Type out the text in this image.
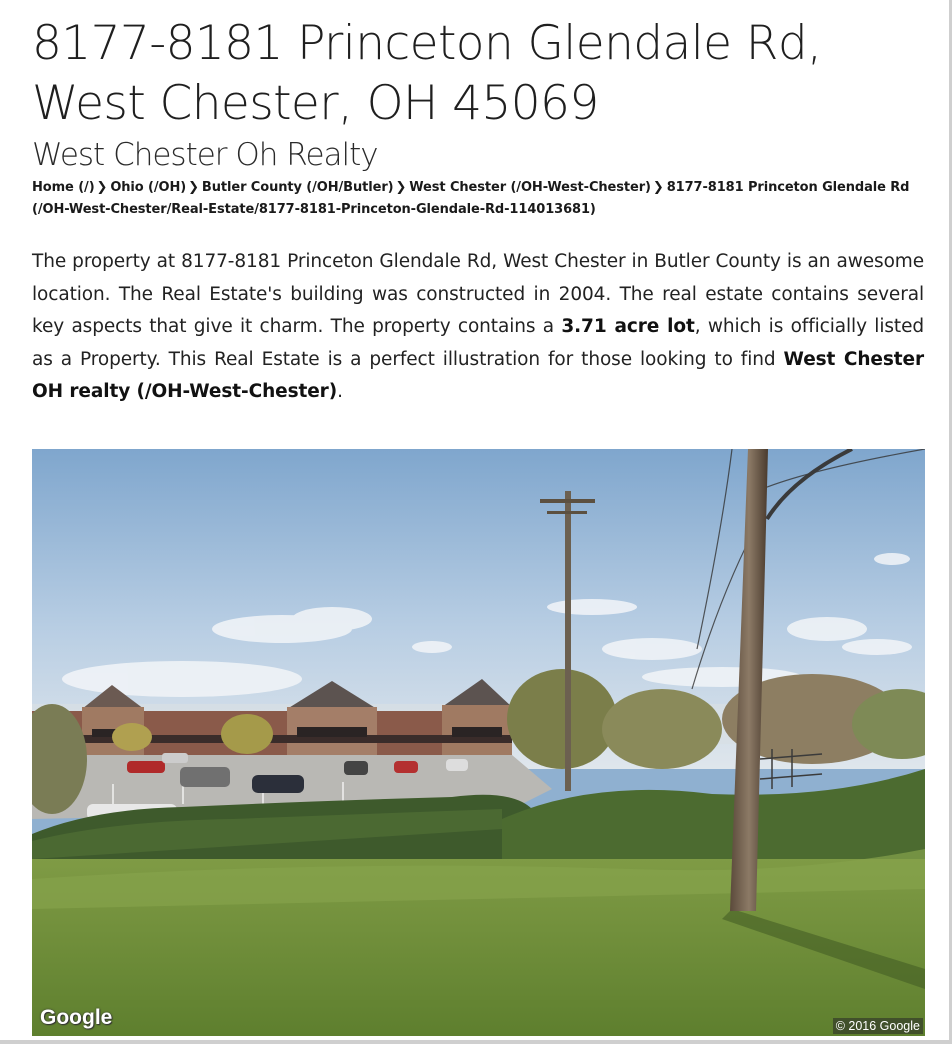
8177-8181 Princeton Glendale Rd, West Chester, OH 45069
West Chester Oh Realty
Home (/) ❯ Ohio (/OH) ❯ Butler County (/OH/Butler) ❯ West Chester (/OH-West-Chester) ❯ 8177-8181 Princeton Glendale Rd (/OH-West-Chester/Real-Estate/8177-8181-Princeton-Glendale-Rd-114013681)

The property at 8177-8181 Princeton Glendale Rd, West Chester in Butler County is an awesome location. The Real Estate's building was constructed in 2004. The real estate contains several key aspects that give it charm. The property contains a 3.71 acre lot, which is officially listed as a Property. This Real Estate is a perfect illustration for those looking to find West Chester OH realty (/OH-West-Chester).

Google	© 2016 Google
